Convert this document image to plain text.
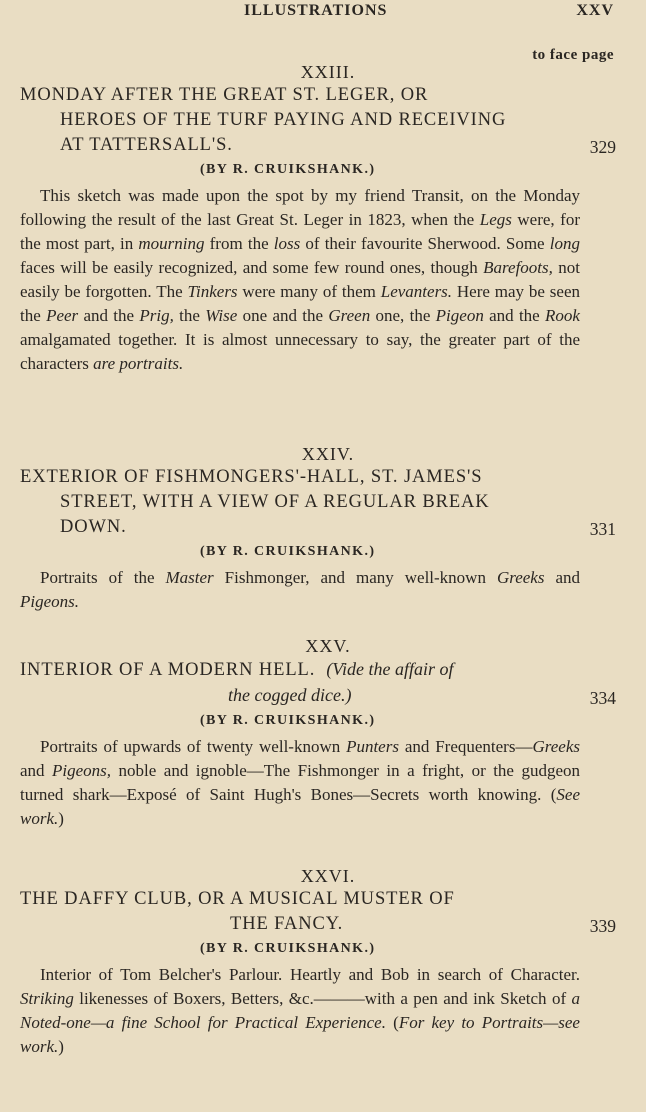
ILLUSTRATIONS	XXV
to face page

XXIII.

MONDAY AFTER THE GREAT ST. LEGER, OR
HEROES OF THE TURF PAYING AND RECEIVING
AT TATTERSALL'S.	329

(BY R. CRUIKSHANK.)

This sketch was made upon the spot by my friend Transit, on the Monday following the result of the last Great St. Leger in 1823, when the Legs were, for the most part, in mourning from the loss of their favourite Sherwood. Some long faces will be easily recognized, and some few round ones, though Barefoots, not easily be forgotten. The Tinkers were many of them Levanters. Here may be seen the Peer and the Prig, the Wise one and the Green one, the Pigeon and the Rook amalgamated together. It is almost unnecessary to say, the greater part of the characters are portraits.

XXIV.

EXTERIOR OF FISHMONGERS'-HALL, ST. JAMES'S
STREET, WITH A VIEW OF A REGULAR BREAK
DOWN.	331

(BY R. CRUIKSHANK.)

Portraits of the Master Fishmonger, and many well-known Greeks and Pigeons.

XXV.

INTERIOR OF A MODERN HELL. (Vide the affair of
the cogged dice.)	334

(BY R. CRUIKSHANK.)

Portraits of upwards of twenty well-known Punters and Frequenters—Greeks and Pigeons, noble and ignoble—The Fishmonger in a fright, or the gudgeon turned shark—Exposé of Saint Hugh's Bones—Secrets worth knowing. (See work.)

XXVI.

THE DAFFY CLUB, OR A MUSICAL MUSTER OF
THE FANCY.	339

(BY R. CRUIKSHANK.)

Interior of Tom Belcher's Parlour. Heartly and Bob in search of Character. Striking likenesses of Boxers, Betters, &c.———with a pen and ink Sketch of a Noted-one—a fine School for Practical Experience. (For key to Portraits—see work.)
